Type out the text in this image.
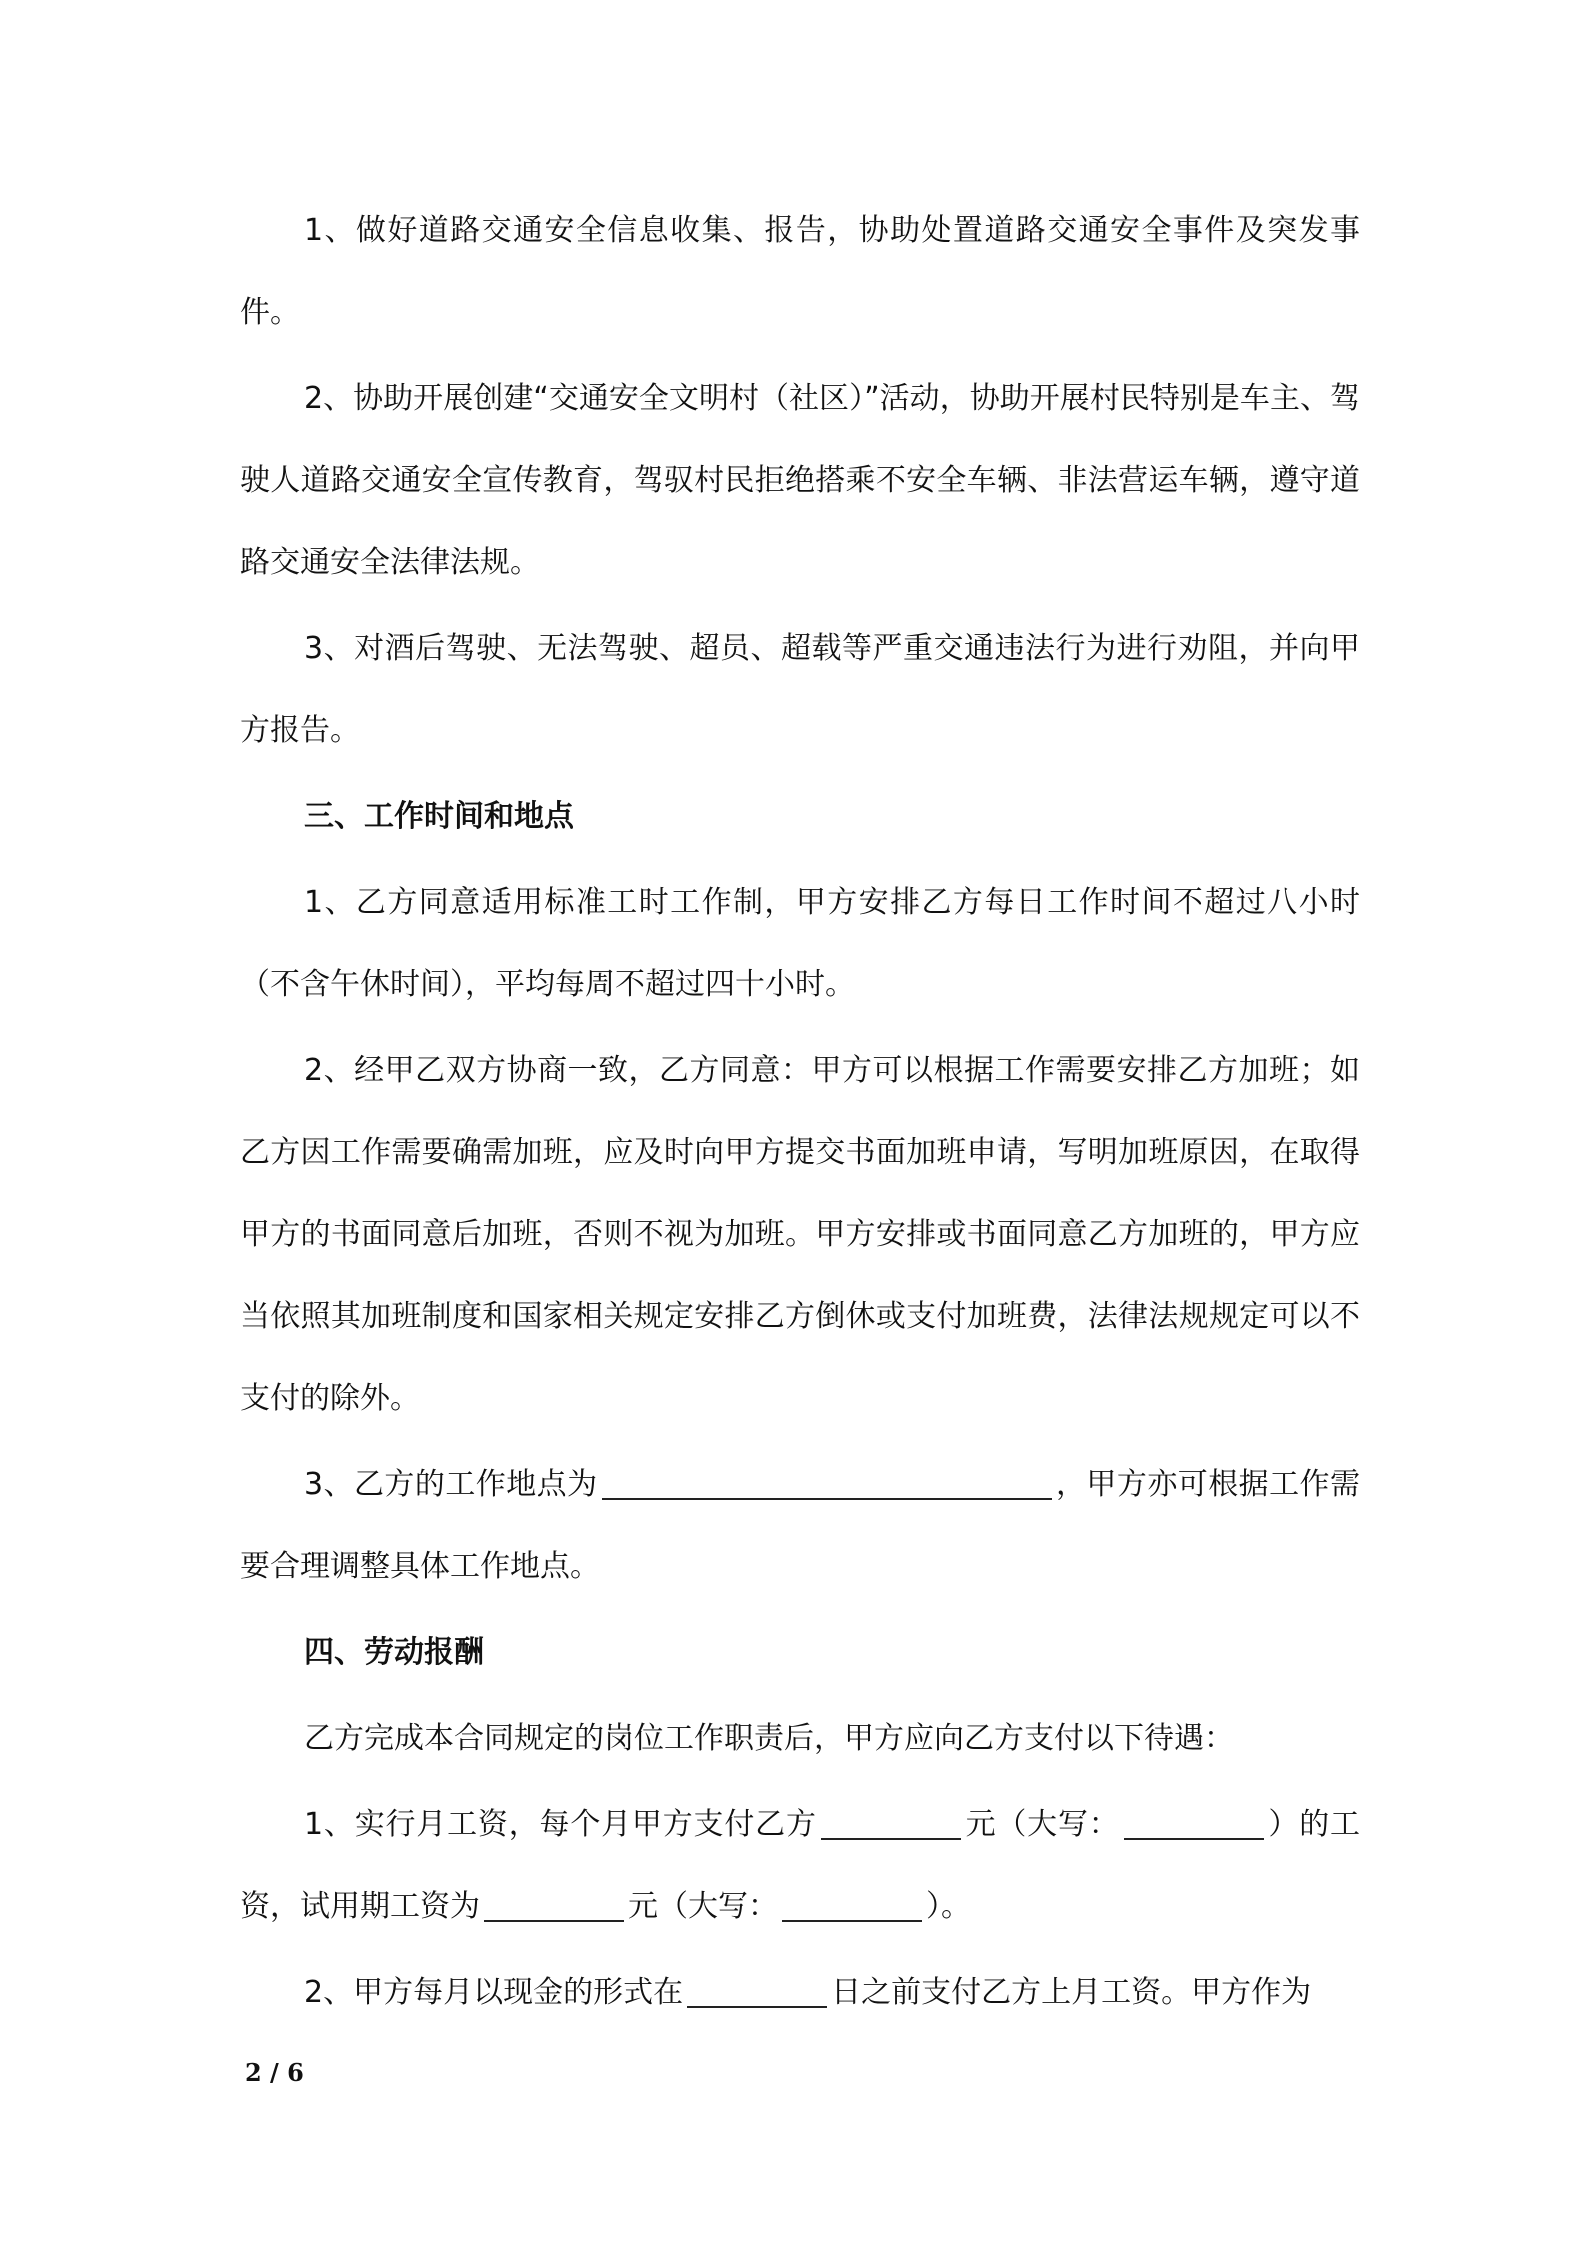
1、做好道路交通安全信息收集、报告，协助处置道路交通安全事件及突发事件。

2、协助开展创建“交通安全文明村（社区）”活动，协助开展村民特别是车主、驾驶人道路交通安全宣传教育，驾驭村民拒绝搭乘不安全车辆、非法营运车辆，遵守道路交通安全法律法规。

3、对酒后驾驶、无法驾驶、超员、超载等严重交通违法行为进行劝阻，并向甲方报告。

三、工作时间和地点

1、乙方同意适用标准工时工作制，甲方安排乙方每日工作时间不超过八小时（不含午休时间），平均每周不超过四十小时。

2、经甲乙双方协商一致，乙方同意：甲方可以根据工作需要安排乙方加班；如乙方因工作需要确需加班，应及时向甲方提交书面加班申请，写明加班原因，在取得甲方的书面同意后加班，否则不视为加班。甲方安排或书面同意乙方加班的，甲方应当依照其加班制度和国家相关规定安排乙方倒休或支付加班费，法律法规规定可以不支付的除外。

3、乙方的工作地点为	，甲方亦可根据工作需要合理调整具体工作地点。

四、劳动报酬

乙方完成本合同规定的岗位工作职责后，甲方应向乙方支付以下待遇：

1、实行月工资，每个月甲方支付乙方	元（大写：	）的工资，试用期工资为	元（大写：	）。

2、甲方每月以现金的形式在	日之前支付乙方上月工资。甲方作为

2 / 6
